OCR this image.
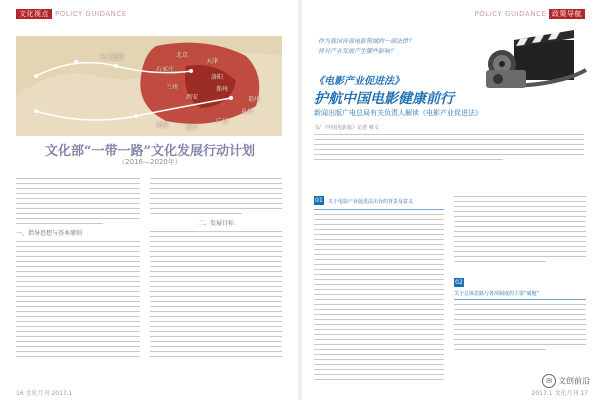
文化视点 POLICY GUIDANCE
天津
北京
石家庄
乌兰巴托
兰州
西安
郑州
洛阳
泉州
广州
福州
湛江
北海
文化部“一带一路”文化发展行动计划
（2016—2020年）
一、指导思想与基本原则
二、发展目标
16 文化月刊 2017.1
POLICY GUIDANCE 政策导航
作为我国首部电影领域的一部法律？
将对产业发展产生哪些影响？
《电影产业促进法》
护航中国电影健康前行
新闻出版广电总局有关负责人解读《电影产业促进法》
文/ 《中国电影报》记者 蔡文
01 关于电影产业促进法出台的背景及意义
02
关于总体思路与各项制度的主要“破题”
✉ 文创前沿
2017.1 文化月刊 17
